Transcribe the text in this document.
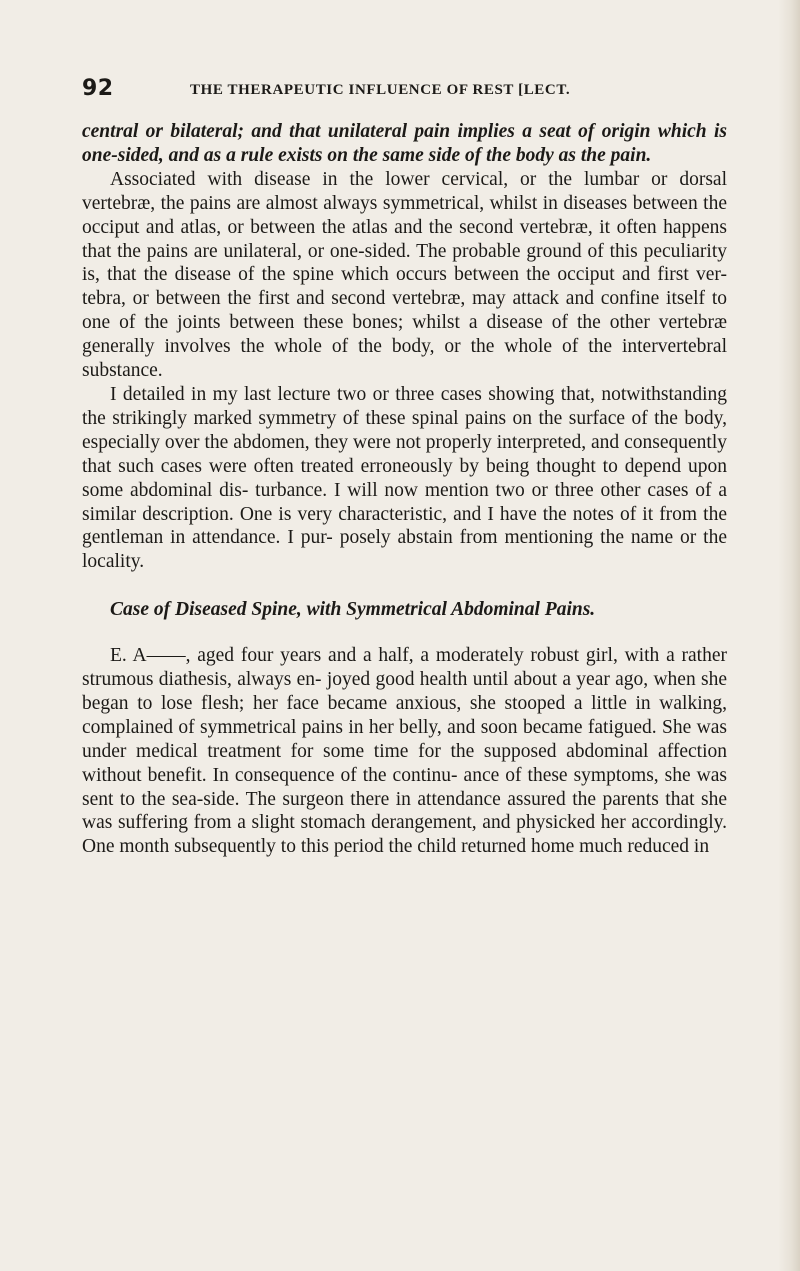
92	THE THERAPEUTIC INFLUENCE OF REST [LECT.

central or bilateral; and that unilateral pain implies a seat of origin which is one-sided, and as a rule exists on the same side of the body as the pain.

Associated with disease in the lower cervical, or the lumbar or dorsal vertebræ, the pains are almost always symmetrical, whilst in diseases between the occiput and atlas, or between the atlas and the second vertebræ, it often happens that the pains are unilateral, or one-sided. The probable ground of this peculiarity is, that the disease of the spine which occurs between the occiput and first ver- tebra, or between the first and second vertebræ, may attack and confine itself to one of the joints between these bones; whilst a disease of the other vertebræ generally involves the whole of the body, or the whole of the intervertebral substance.

I detailed in my last lecture two or three cases showing that, notwithstanding the strikingly marked symmetry of these spinal pains on the surface of the body, especially over the abdomen, they were not properly interpreted, and consequently that such cases were often treated erroneously by being thought to depend upon some abdominal dis- turbance. I will now mention two or three other cases of a similar description. One is very characteristic, and I have the notes of it from the gentleman in attendance. I pur- posely abstain from mentioning the name or the locality.

Case of Diseased Spine, with Symmetrical Abdominal Pains.

E. A——, aged four years and a half, a moderately robust girl, with a rather strumous diathesis, always en- joyed good health until about a year ago, when she began to lose flesh; her face became anxious, she stooped a little in walking, complained of symmetrical pains in her belly, and soon became fatigued. She was under medical treatment for some time for the supposed abdominal affection without benefit. In consequence of the continu- ance of these symptoms, she was sent to the sea-side. The surgeon there in attendance assured the parents that she was suffering from a slight stomach derangement, and physicked her accordingly. One month subsequently to this period the child returned home much reduced in
